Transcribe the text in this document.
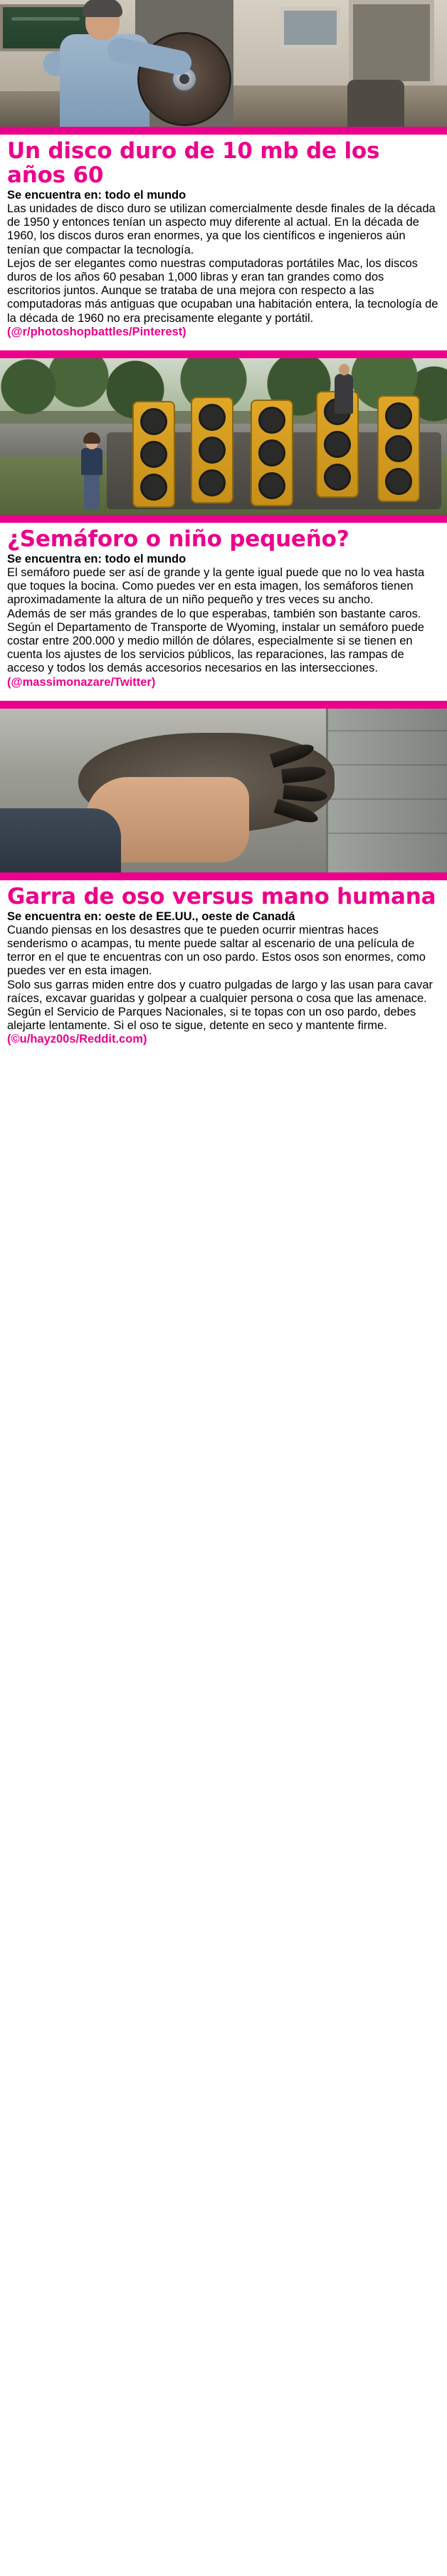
Un disco duro de 10 mb de los años 60

Se encuentra en: todo el mundo

Las unidades de disco duro se utilizan comercialmente desde finales de la década de 1950 y entonces tenían un aspecto muy diferente al actual. En la década de 1960, los discos duros eran enormes, ya que los científicos e ingenieros aún tenían que compactar la tecnología.

Lejos de ser elegantes como nuestras computadoras portátiles Mac, los discos duros de los años 60 pesaban 1,000 libras y eran tan grandes como dos escritorios juntos. Aunque se trataba de una mejora con respecto a las computadoras más antiguas que ocupaban una habitación entera, la tecnología de la década de 1960 no era precisamente elegante y portátil. (@r/photoshopbattles/Pinterest)

¿Semáforo o niño pequeño?

Se encuentra en: todo el mundo

El semáforo puede ser así de grande y la gente igual puede que no lo vea hasta que toques la bocina. Como puedes ver en esta imagen, los semáforos tienen aproximadamente la altura de un niño pequeño y tres veces su ancho.

Además de ser más grandes de lo que esperabas, también son bastante caros. Según el Departamento de Transporte de Wyoming, instalar un semáforo puede costar entre 200.000 y medio millón de dólares, especialmente si se tienen en cuenta los ajustes de los servicios públicos, las reparaciones, las rampas de acceso y todos los demás accesorios necesarios en las intersecciones. (@massimonazare/Twitter)

Garra de oso versus mano humana

Se encuentra en: oeste de EE.UU., oeste de Canadá

Cuando piensas en los desastres que te pueden ocurrir mientras haces senderismo o acampas, tu mente puede saltar al escenario de una película de terror en el que te encuentras con un oso pardo. Estos osos son enormes, como puedes ver en esta imagen.

Solo sus garras miden entre dos y cuatro pulgadas de largo y las usan para cavar raíces, excavar guaridas y golpear a cualquier persona o cosa que las amenace.

Según el Servicio de Parques Nacionales, si te topas con un oso pardo, debes alejarte lentamente. Si el oso te sigue, detente en seco y mantente firme. (©u/hayz00s/Reddit.com)
